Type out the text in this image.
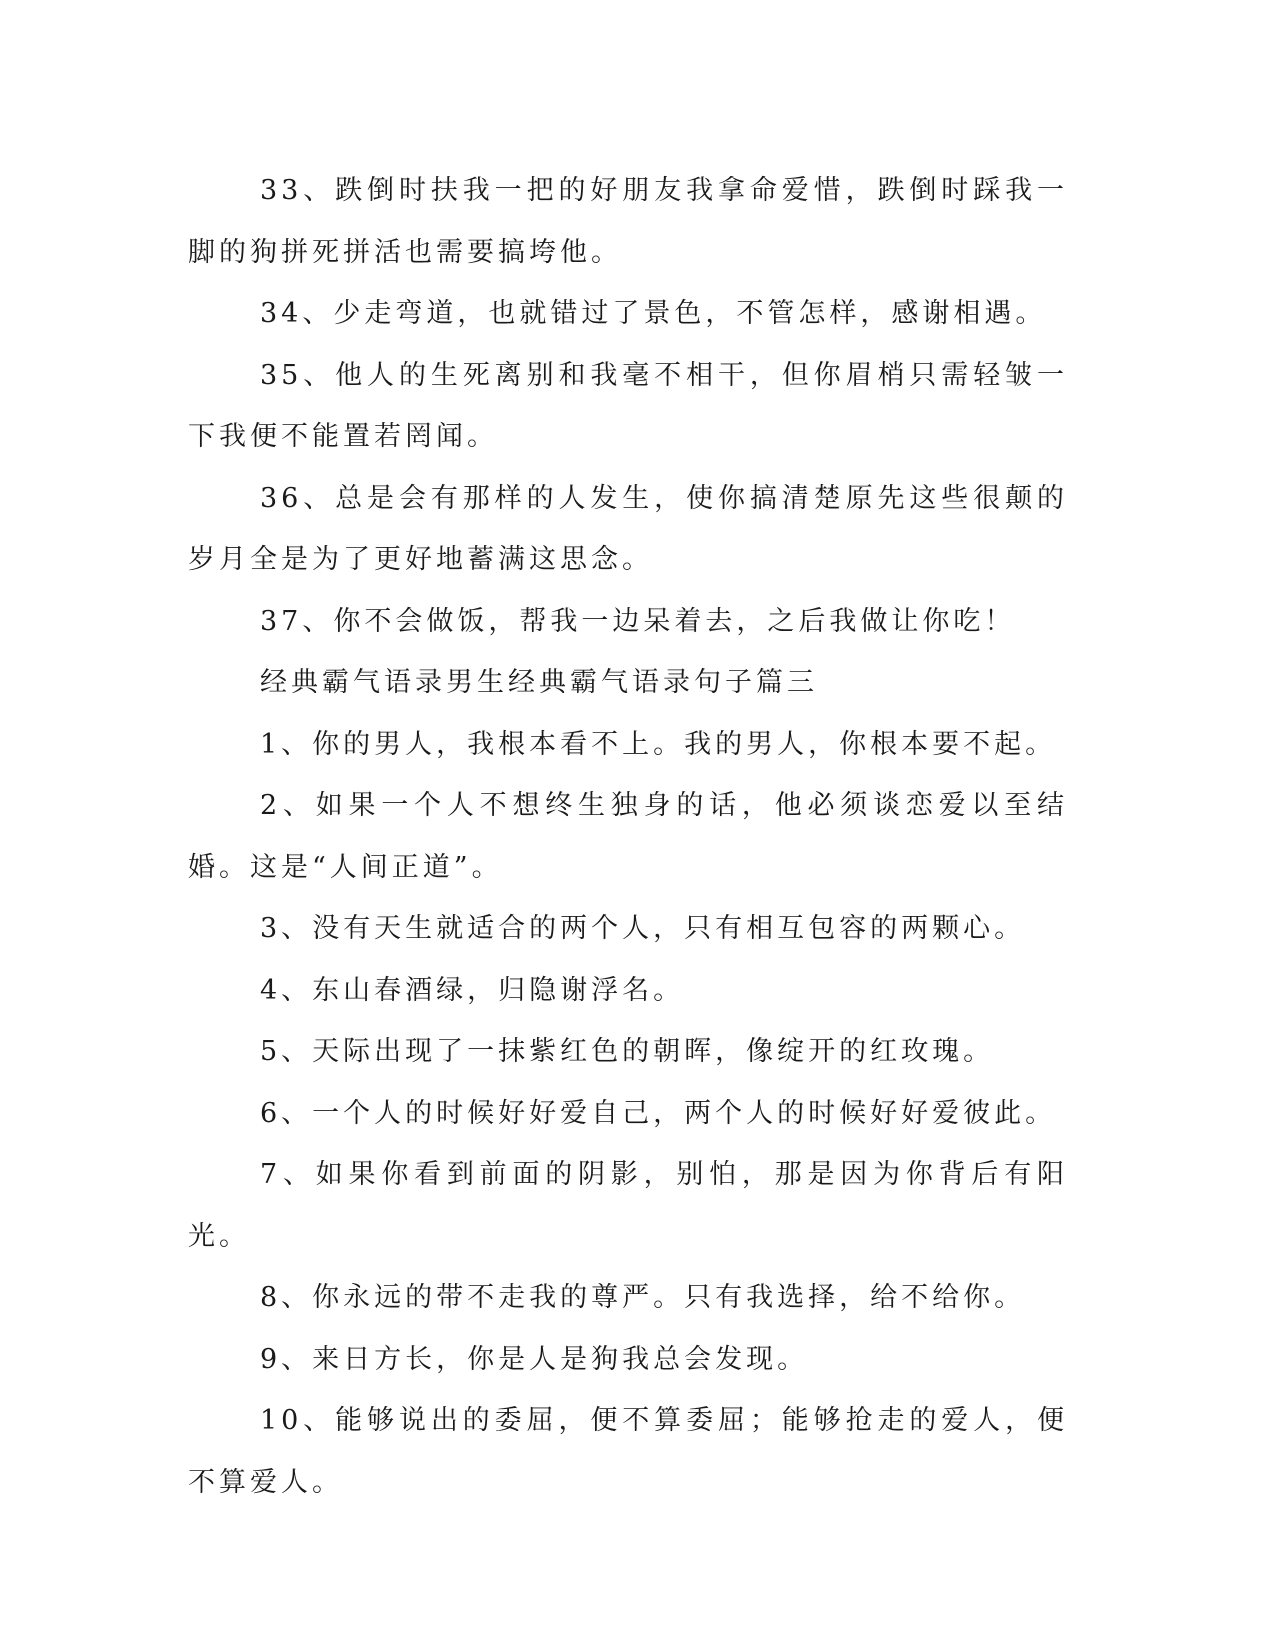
33、跌倒时扶我一把的好朋友我拿命爱惜，跌倒时踩我一脚的狗拼死拼活也需要搞垮他。

34、少走弯道，也就错过了景色，不管怎样，感谢相遇。

35、他人的生死离别和我毫不相干，但你眉梢只需轻皱一下我便不能置若罔闻。

36、总是会有那样的人发生，使你搞清楚原先这些很颠的岁月全是为了更好地蓄满这思念。

37、你不会做饭，帮我一边呆着去，之后我做让你吃！

经典霸气语录男生经典霸气语录句子篇三

1、你的男人，我根本看不上。我的男人，你根本要不起。

2、如果一个人不想终生独身的话，他必须谈恋爱以至结婚。这是“人间正道”。

3、没有天生就适合的两个人，只有相互包容的两颗心。

4、东山春酒绿，归隐谢浮名。

5、天际出现了一抹紫红色的朝晖，像绽开的红玫瑰。

6、一个人的时候好好爱自己，两个人的时候好好爱彼此。

7、如果你看到前面的阴影，别怕，那是因为你背后有阳光。

8、你永远的带不走我的尊严。只有我选择，给不给你。

9、来日方长，你是人是狗我总会发现。

10、能够说出的委屈，便不算委屈；能够抢走的爱人，便不算爱人。
